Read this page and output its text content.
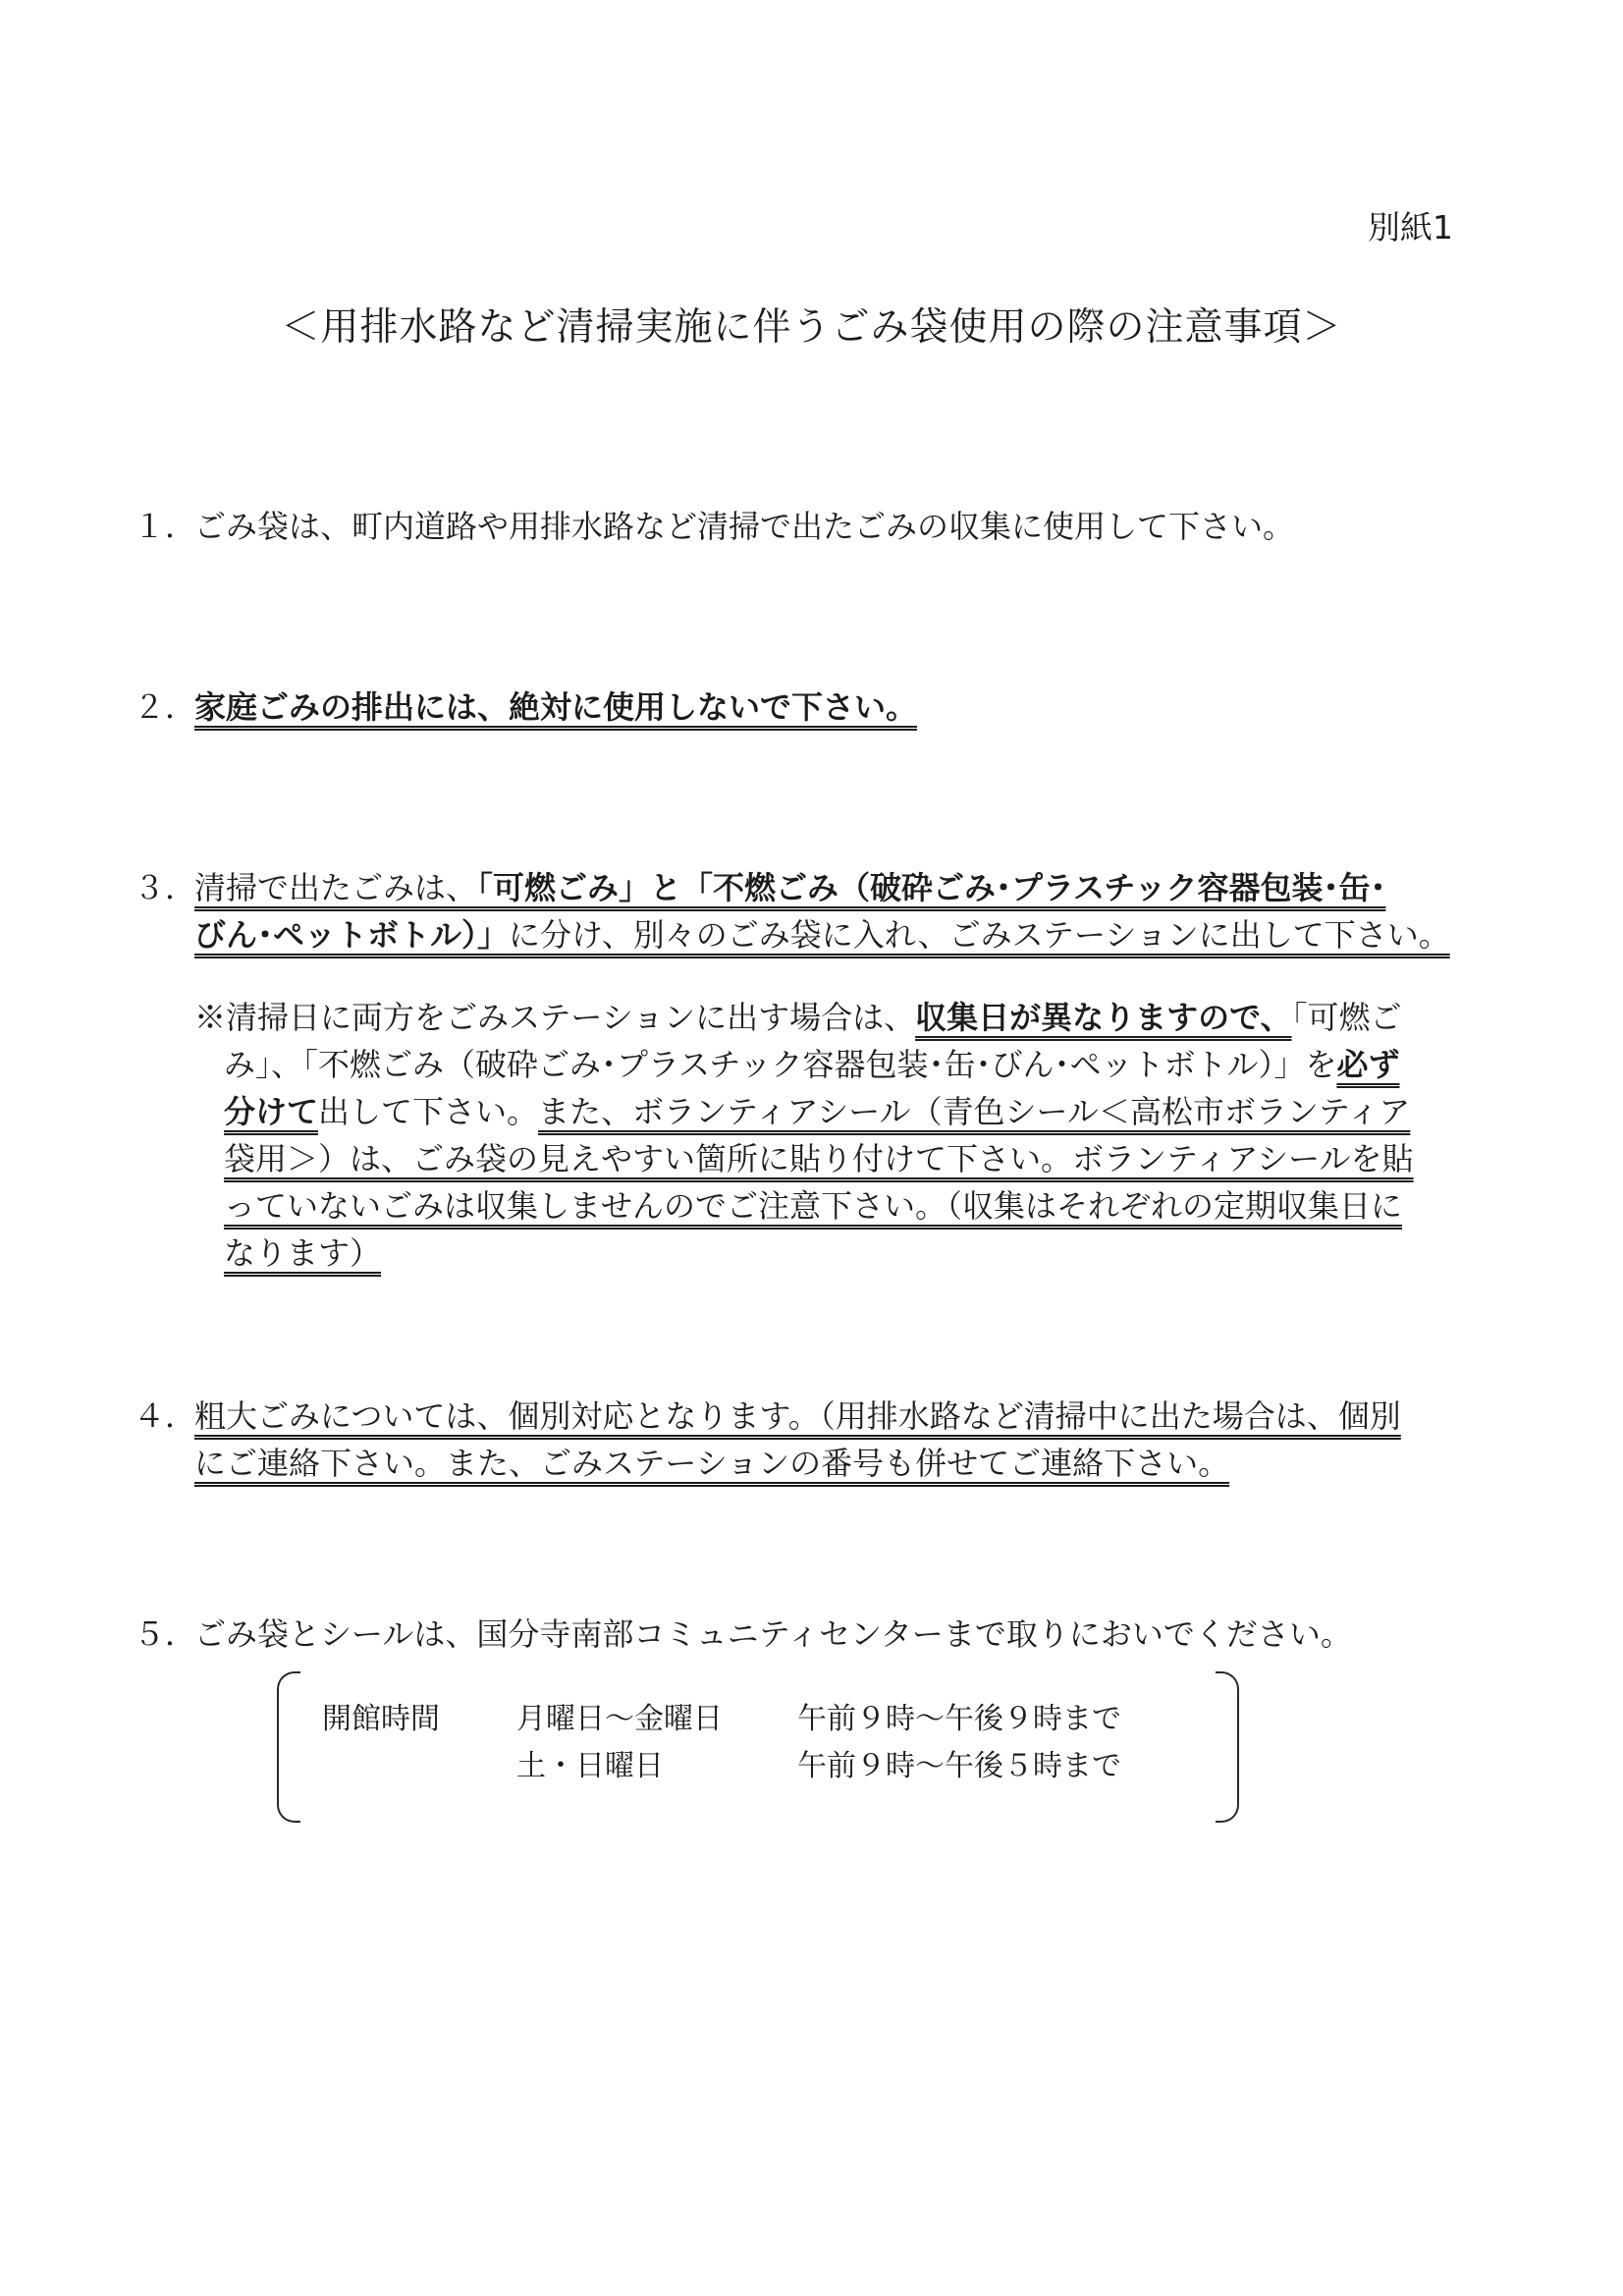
別紙1
＜用排水路など清掃実施に伴うごみ袋使用の際の注意事項＞
１．
ごみ袋は、町内道路や用排水路など清掃で出たごみの収集に使用して下さい。
２．
家庭ごみの排出には、絶対に使用しないで下さい。
３．
清掃で出たごみは、「可燃ごみ」と「不燃ごみ（破砕ごみ･プラスチック容器包装･缶･
びん･ペットボトル）」に分け、別々のごみ袋に入れ、ごみステーションに出して下さい。
※清掃日に両方をごみステーションに出す場合は、収集日が異なりますので、「可燃ご
み」、「不燃ごみ（破砕ごみ･プラスチック容器包装･缶･びん･ペットボトル）」を必ず
分けて出して下さい。また、ボランティアシール（青色シール＜高松市ボランティア
袋用＞）は、ごみ袋の見えやすい箇所に貼り付けて下さい。ボランティアシールを貼
っていないごみは収集しませんのでご注意下さい。（収集はそれぞれの定期収集日に
なります）
４．
粗大ごみについては、個別対応となります。（用排水路など清掃中に出た場合は、個別
にご連絡下さい。また、ごみステーションの番号も併せてご連絡下さい。
５．
ごみ袋とシールは、国分寺南部コミュニティセンターまで取りにおいでください。
開館時間	月曜日～金曜日	午前９時～午後９時まで
土・日曜日	午前９時～午後５時まで
